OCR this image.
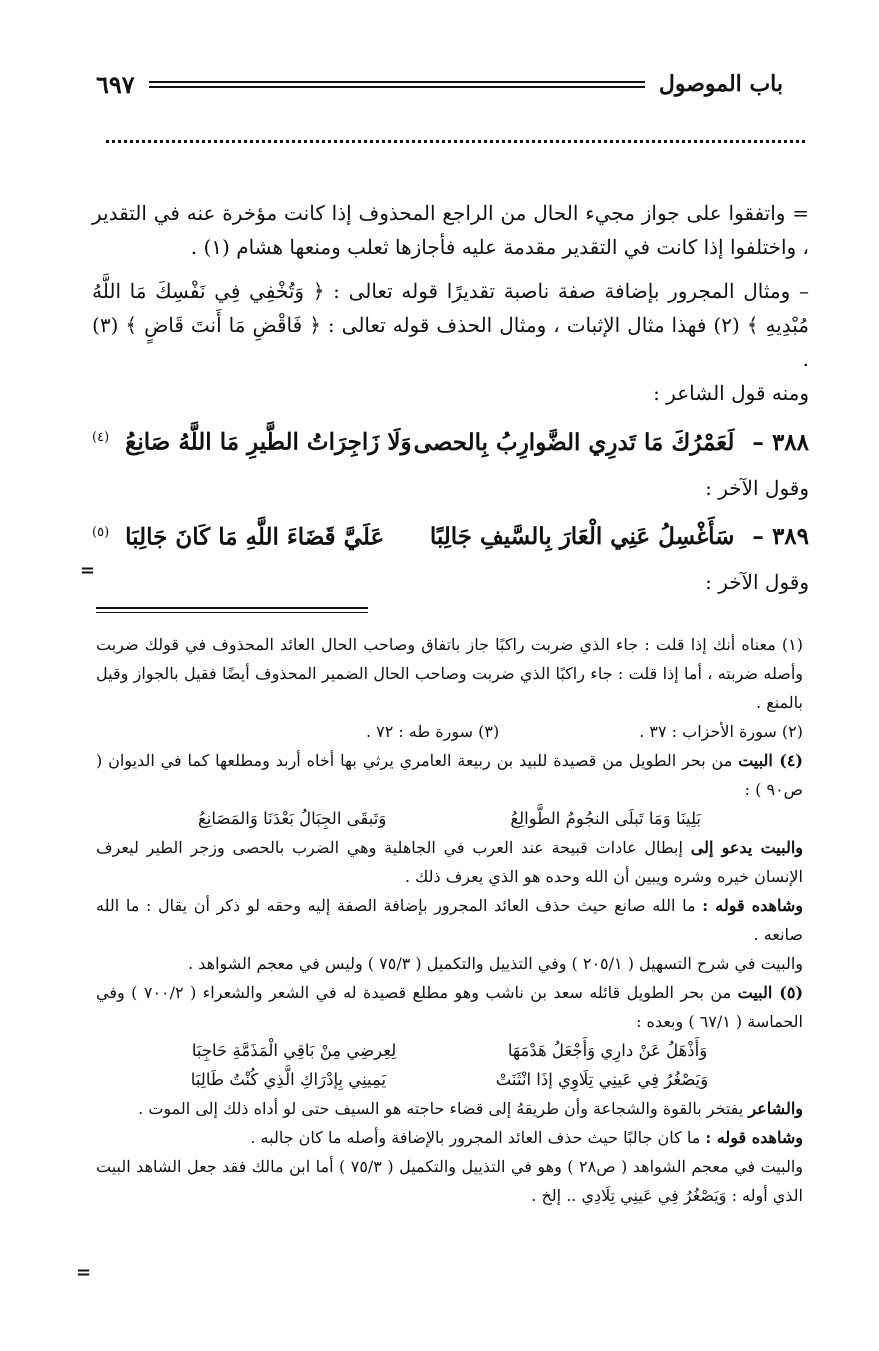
باب الموصول
٦٩٧
=
=

= واتفقوا على جواز مجيء الحال من الراجع المحذوف إذا كانت مؤخرة عنه في التقدير ، واختلفوا إذا كانت في التقدير مقدمة عليه فأجازها ثعلب ومنعها هشام (١) .

– ومثال المجرور بإضافة صفة ناصبة تقديرًا قوله تعالى : ﴿ وَتُخْفِي فِي نَفْسِكَ مَا اللَّهُ مُبْدِيهِ ﴾ (٢) فهذا مثال الإثبات ، ومثال الحذف قوله تعالى : ﴿ فَاقْضِ مَا أَنتَ قَاضٍ ﴾ (٣) .

ومنه قول الشاعر :

٣٨٨ – لَعَمْرُكَ مَا تَدرِي الضَّوارِبُ بِالحصى
وَلَا زَاجِرَاتُ الطَّيرِ مَا اللَّهُ صَانِعُ $^{(٤)}$

وقول الآخر :

٣٨٩ – سَأَغْسِلُ عَنِي الْعَارَ بِالسَّيفِ جَالِبًا
عَلَيَّ قَضَاءَ اللَّهِ مَا كَانَ جَالِبَا $^{(٥)}$

وقول الآخر :

(١) معناه أنك إذا قلت : جاء الذي ضربت راكبًا جاز باتفاق وصاحب الحال العائد المحذوف في قولك ضربت وأصله ضربته ، أما إذا قلت : جاء راكبًا الذي ضربت وصاحب الحال الضمير المحذوف أيضًا فقيل بالجواز وقيل بالمنع .

(٢) سورة الأحزاب : ٣٧ .
(٣) سورة طه : ٧٢ .

(٤) البيت من بحر الطويل من قصيدة للبيد بن ربيعة العامري يرثي بها أخاه أربد ومطلعها كما في الديوان ( ص٩٠ ) :

بَلِينَا وَمَا تَبلَى النجُومُ الطَّوالِعُ
وَتَبقَى الجِبَالُ بَعْدَنَا وَالمَصَانِعُ

والبيت يدعو إلى إبطال عادات قبيحة عند العرب في الجاهلية وهي الضرب بالحصى وزجر الطير ليعرف الإنسان خيره وشره ويبين أن الله وحده هو الذي يعرف ذلك .

وشاهده قوله : ما الله صانع حيث حذف العائد المجرور بإضافة الصفة إليه وحقه لو ذكر أن يقال : ما الله صانعه .

والبيت في شرح التسهيل ( ٢٠٥/١ ) وفي التذييل والتكميل ( ٧٥/٣ ) وليس في معجم الشواهد .

(٥) البيت من بحر الطويل قائله سعد بن ناشب وهو مطلع قصيدة له في الشعر والشعراء ( ٧٠٠/٢ ) وفي الحماسة ( ٦٧/١ ) وبعده :

وَأَذْهَلُ عَنْ دارِي وَأَجْعَلُ هَدْمَهَا
لِعِرضِي مِنْ بَاقِي الْمَذَمَّةِ حَاجِبَا
وَيَصْغُرُ فِي عَينِي تِلَاوِي إذَا انْثَنَتْ
يَمِينِي بِإدْرَاكِ الَّذِي كُنْتُ طَالِبَا

والشاعر يفتخر بالقوة والشجاعة وأن طريقهُ إلى قضاء حاجته هو السيف حتى لو أداه ذلك إلى الموت .

وشاهده قوله : ما كان جالبًا حيث حذف العائد المجرور بالإضافة وأصله ما كان جالبه .

والبيت في معجم الشواهد ( ص٢٨ ) وهو في التذييل والتكميل ( ٧٥/٣ ) أما ابن مالك فقد جعل الشاهد البيت الذي أوله : وَيَصْغُرُ فِي عَينِي تِلَادِي .. إلخ .
